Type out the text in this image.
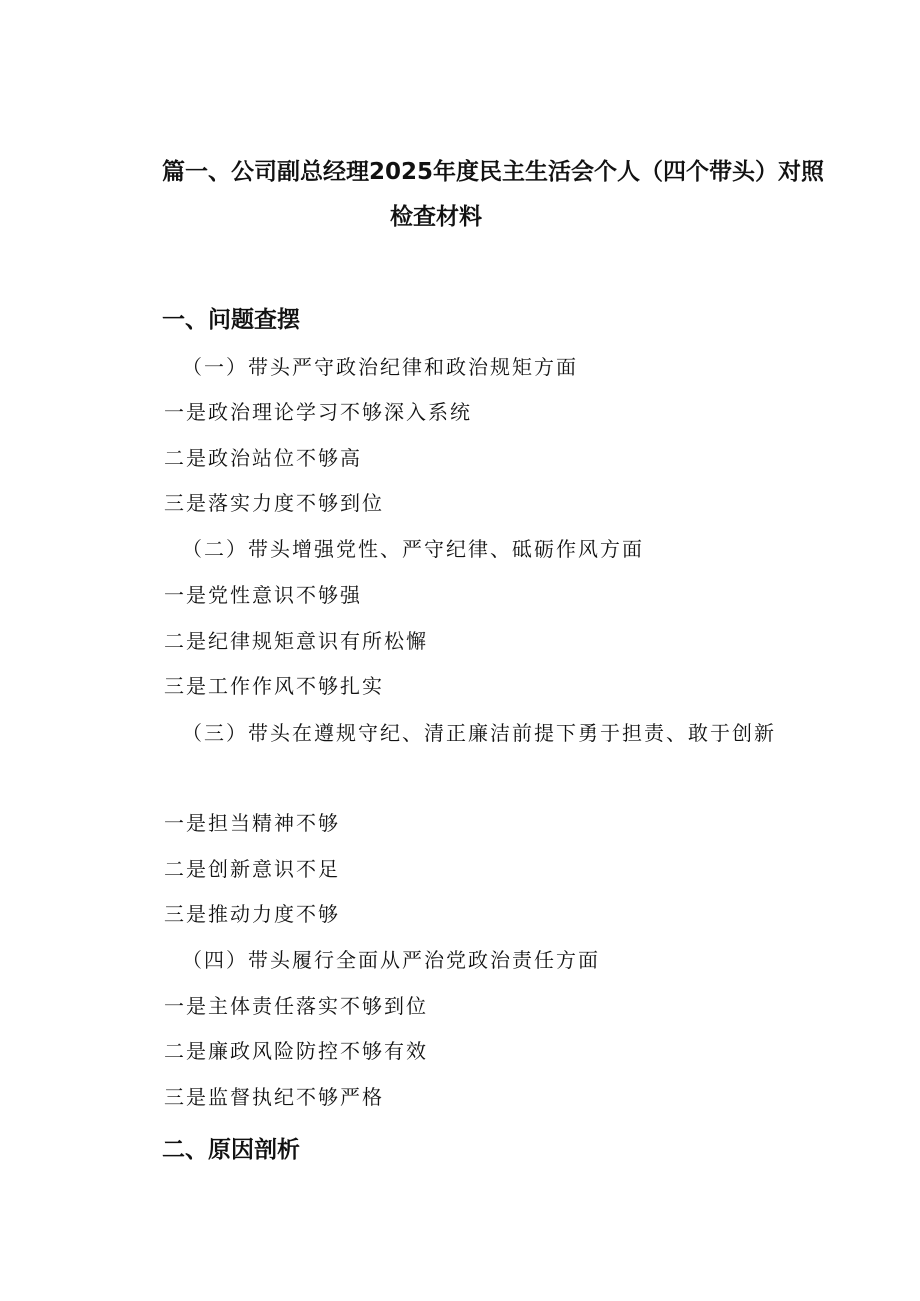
篇一、公司副总经理2025年度民主生活会个人（四个带头）对照
检查材料
一、问题查摆
（一）带头严守政治纪律和政治规矩方面
一是政治理论学习不够深入系统
二是政治站位不够高
三是落实力度不够到位
（二）带头增强党性、严守纪律、砥砺作风方面
一是党性意识不够强
二是纪律规矩意识有所松懈
三是工作作风不够扎实
（三）带头在遵规守纪、清正廉洁前提下勇于担责、敢于创新
一是担当精神不够
二是创新意识不足
三是推动力度不够
（四）带头履行全面从严治党政治责任方面
一是主体责任落实不够到位
二是廉政风险防控不够有效
三是监督执纪不够严格
二、原因剖析
